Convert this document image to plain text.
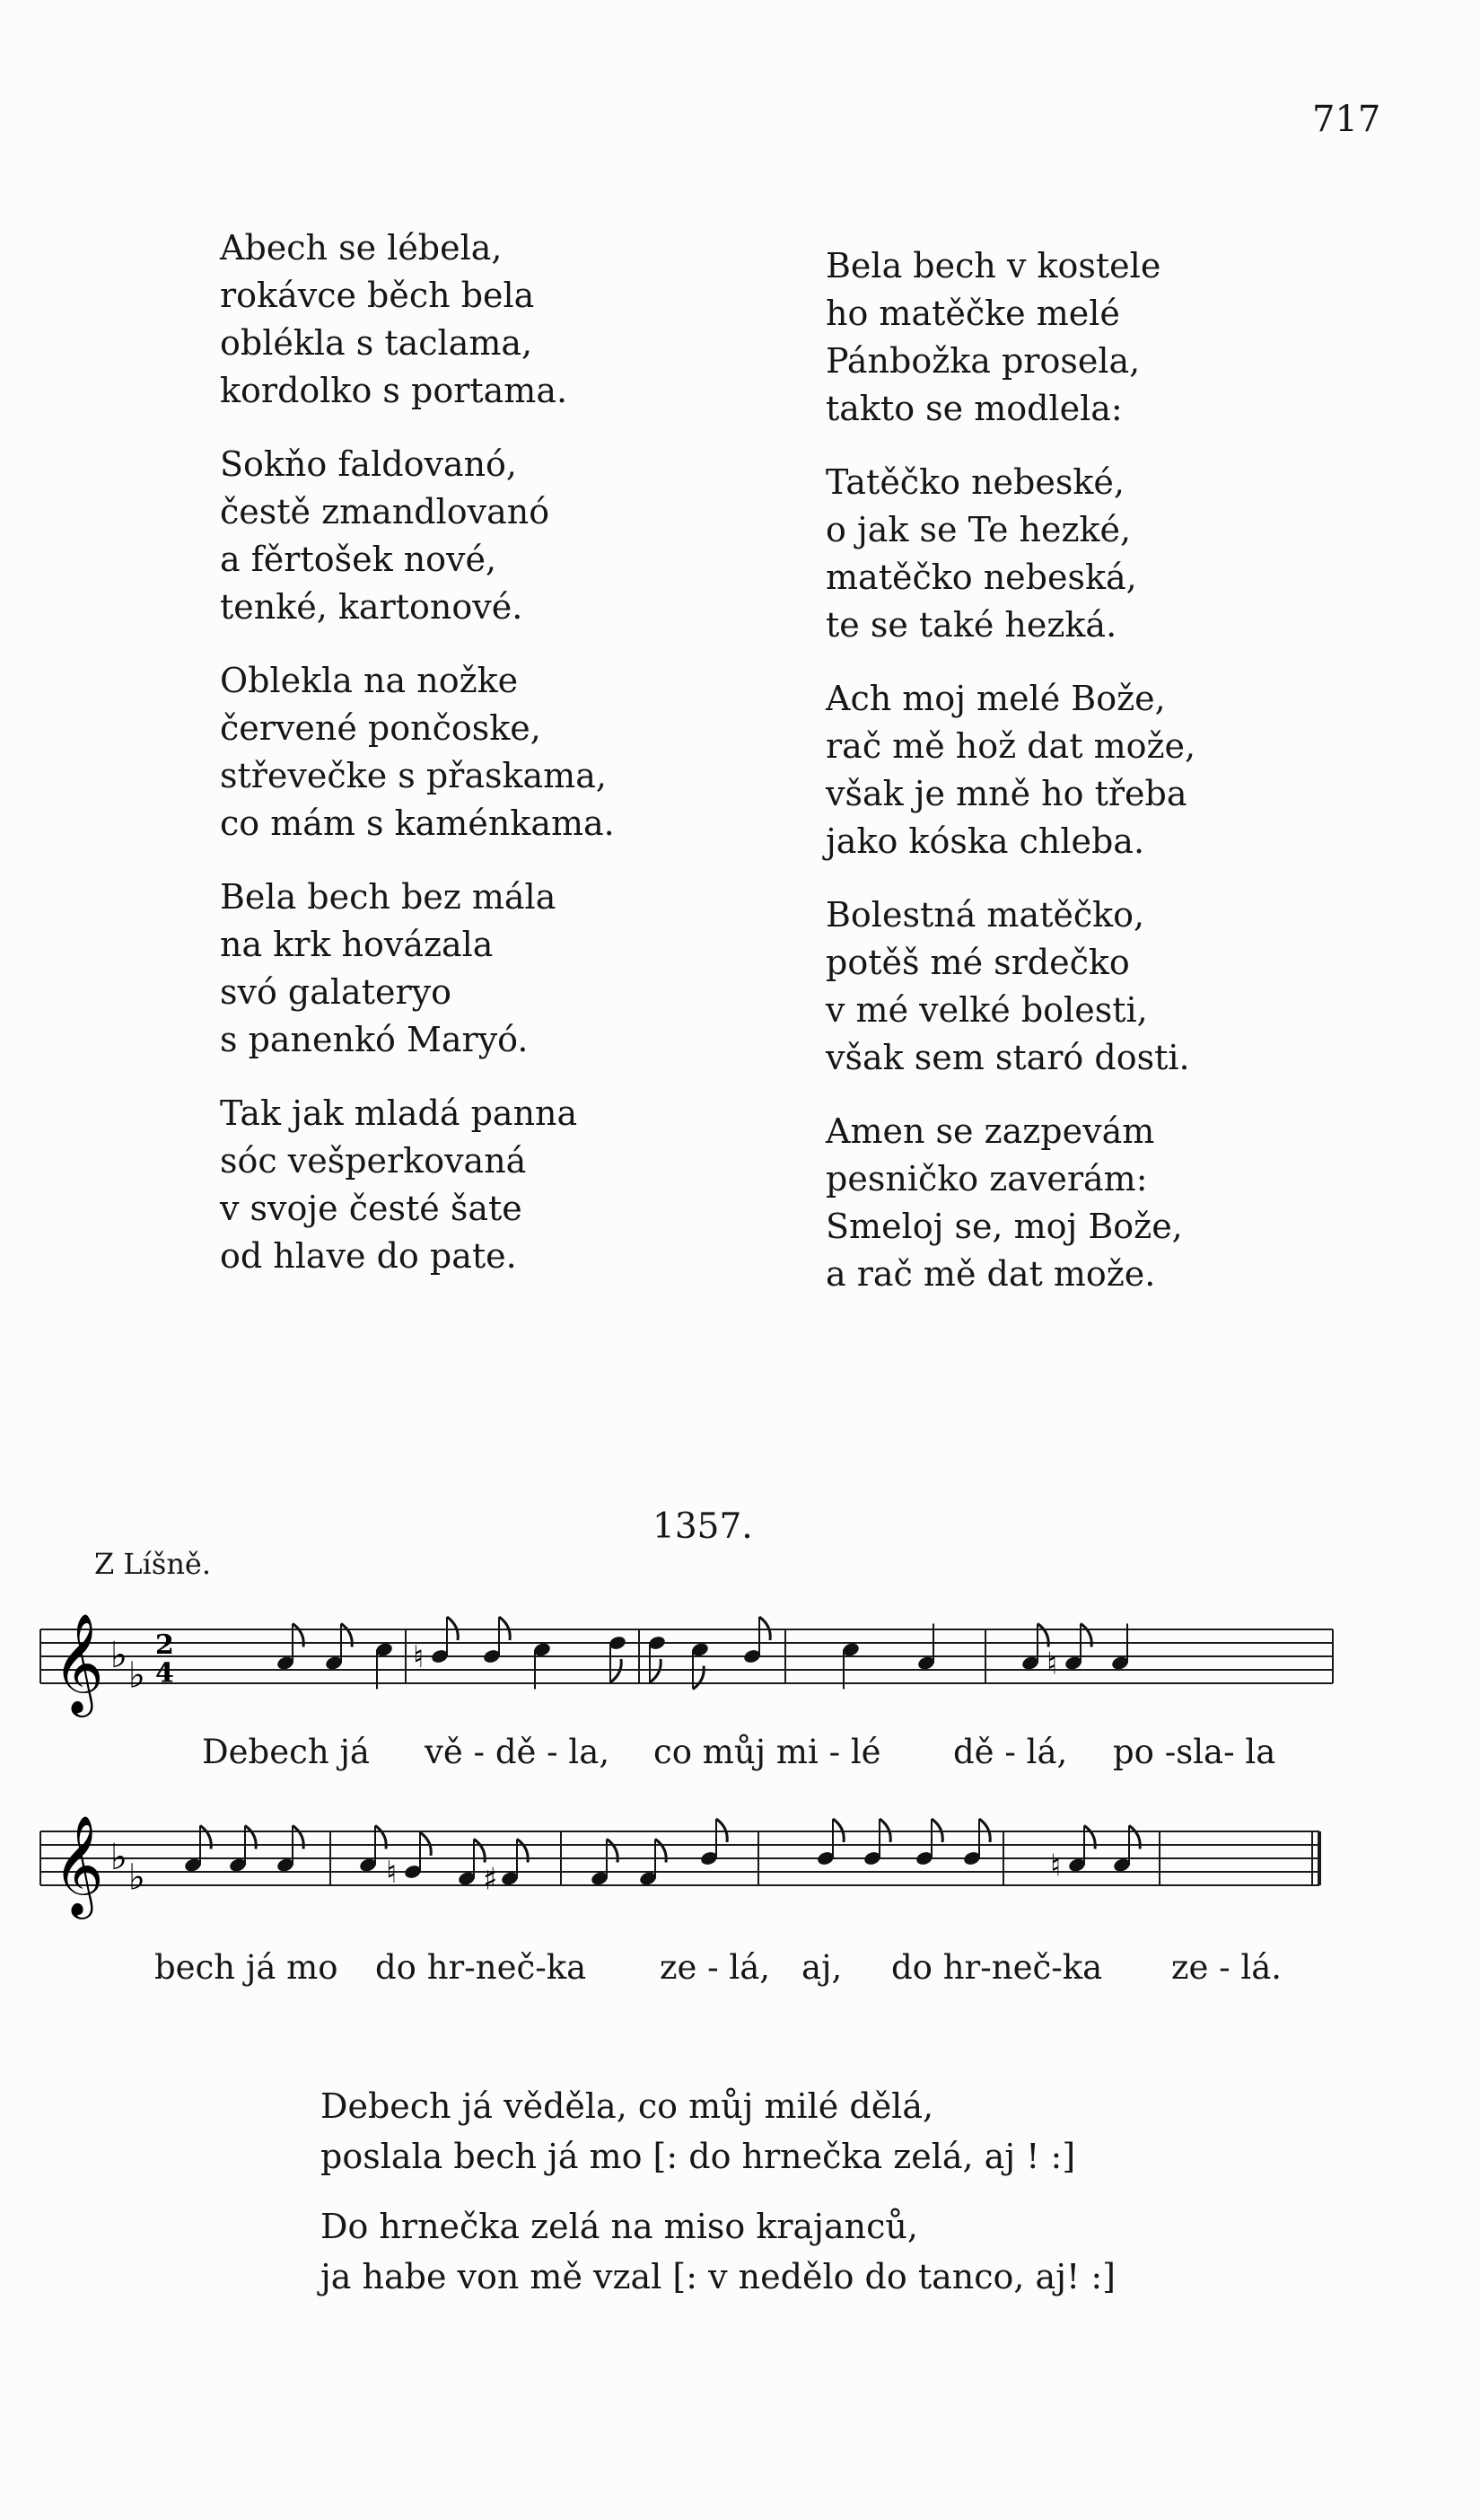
717
Abech se lébela,
rokávce běch bela
oblékla s taclama,
kordolko s portama.
Sokňo faldovanó,
čestě zmandlovanó
a fěrtošek nové,
tenké, kartonové.
Oblekla na nožke
červené pončoske,
střevečke s přaskama,
co mám s kaménkama.
Bela bech bez mála
na krk hovázala
svó galateryo
s panenkó Maryó.
Tak jak mladá panna
sóc vešperkovaná
v svoje česté šate
od hlave do pate.
Bela bech v kostele
ho matěčke melé
Pánbožka prosela,
takto se modlela:
Tatěčko nebeské,
o jak se Te hezké,
matěčko nebeská,
te se také hezká.
Ach moj melé Bože,
rač mě hož dat može,
však je mně ho třeba
jako kóska chleba.
Bolestná matěčko,
potěš mé srdečko
v mé velké bolesti,
však sem staró dosti.
Amen se zazpevám
pesničko zaverám:
Smeloj se, moj Bože,
a rač mě dat može.
1357.
Z Líšně.
𝄞 ♭ ♭
2
4	♮	♮
Debech já vě - dě - la, co můj mi - lé dě - lá, po -sla- la
𝄞 ♭ ♭	♮	♯	♮
bech já mo do hr-neč-ka ze - lá, aj, do hr-neč-ka ze - lá.
Debech já věděla, co můj milé dělá,
poslala bech já mo [: do hrnečka zelá, aj ! :]
Do hrnečka zelá na miso krajanců,
ja habe von mě vzal [: v nedělo do tanco, aj! :]
